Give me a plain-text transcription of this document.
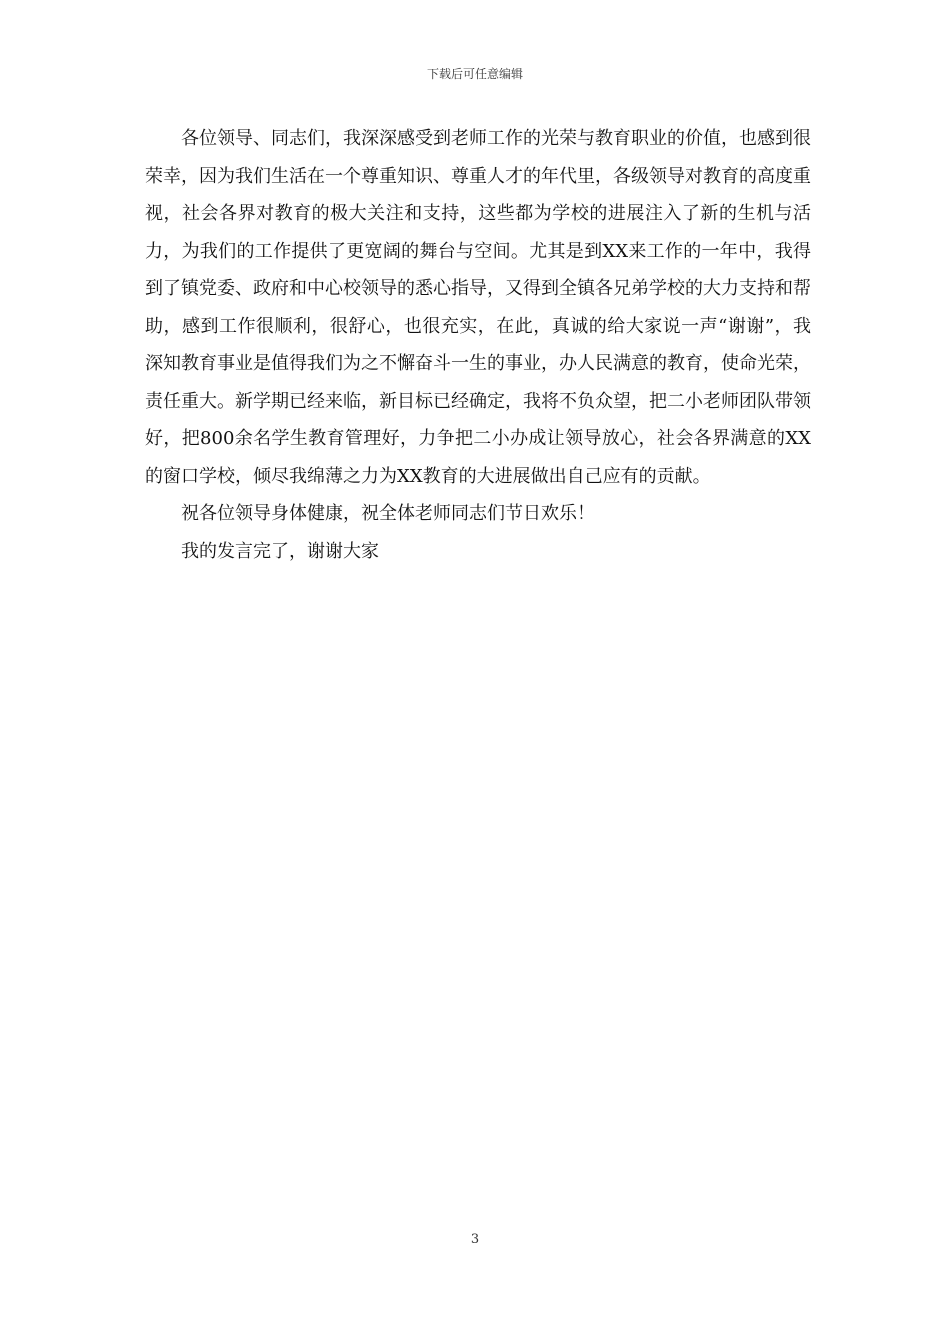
下载后可任意编辑

各位领导、同志们，我深深感受到老师工作的光荣与教育职业的价值，也感到很荣幸，因为我们生活在一个尊重知识、尊重人才的年代里，各级领导对教育的高度重视，社会各界对教育的极大关注和支持，这些都为学校的进展注入了新的生机与活力，为我们的工作提供了更宽阔的舞台与空间。尤其是到XX来工作的一年中，我得到了镇党委、政府和中心校领导的悉心指导，又得到全镇各兄弟学校的大力支持和帮助，感到工作很顺利，很舒心，也很充实，在此，真诚的给大家说一声“谢谢”，我深知教育事业是值得我们为之不懈奋斗一生的事业，办人民满意的教育，使命光荣，责任重大。新学期已经来临，新目标已经确定，我将不负众望，把二小老师团队带领好，把800余名学生教育管理好，力争把二小办成让领导放心，社会各界满意的XX的窗口学校，倾尽我绵薄之力为XX教育的大进展做出自己应有的贡献。

祝各位领导身体健康，祝全体老师同志们节日欢乐！

我的发言完了，谢谢大家

3
